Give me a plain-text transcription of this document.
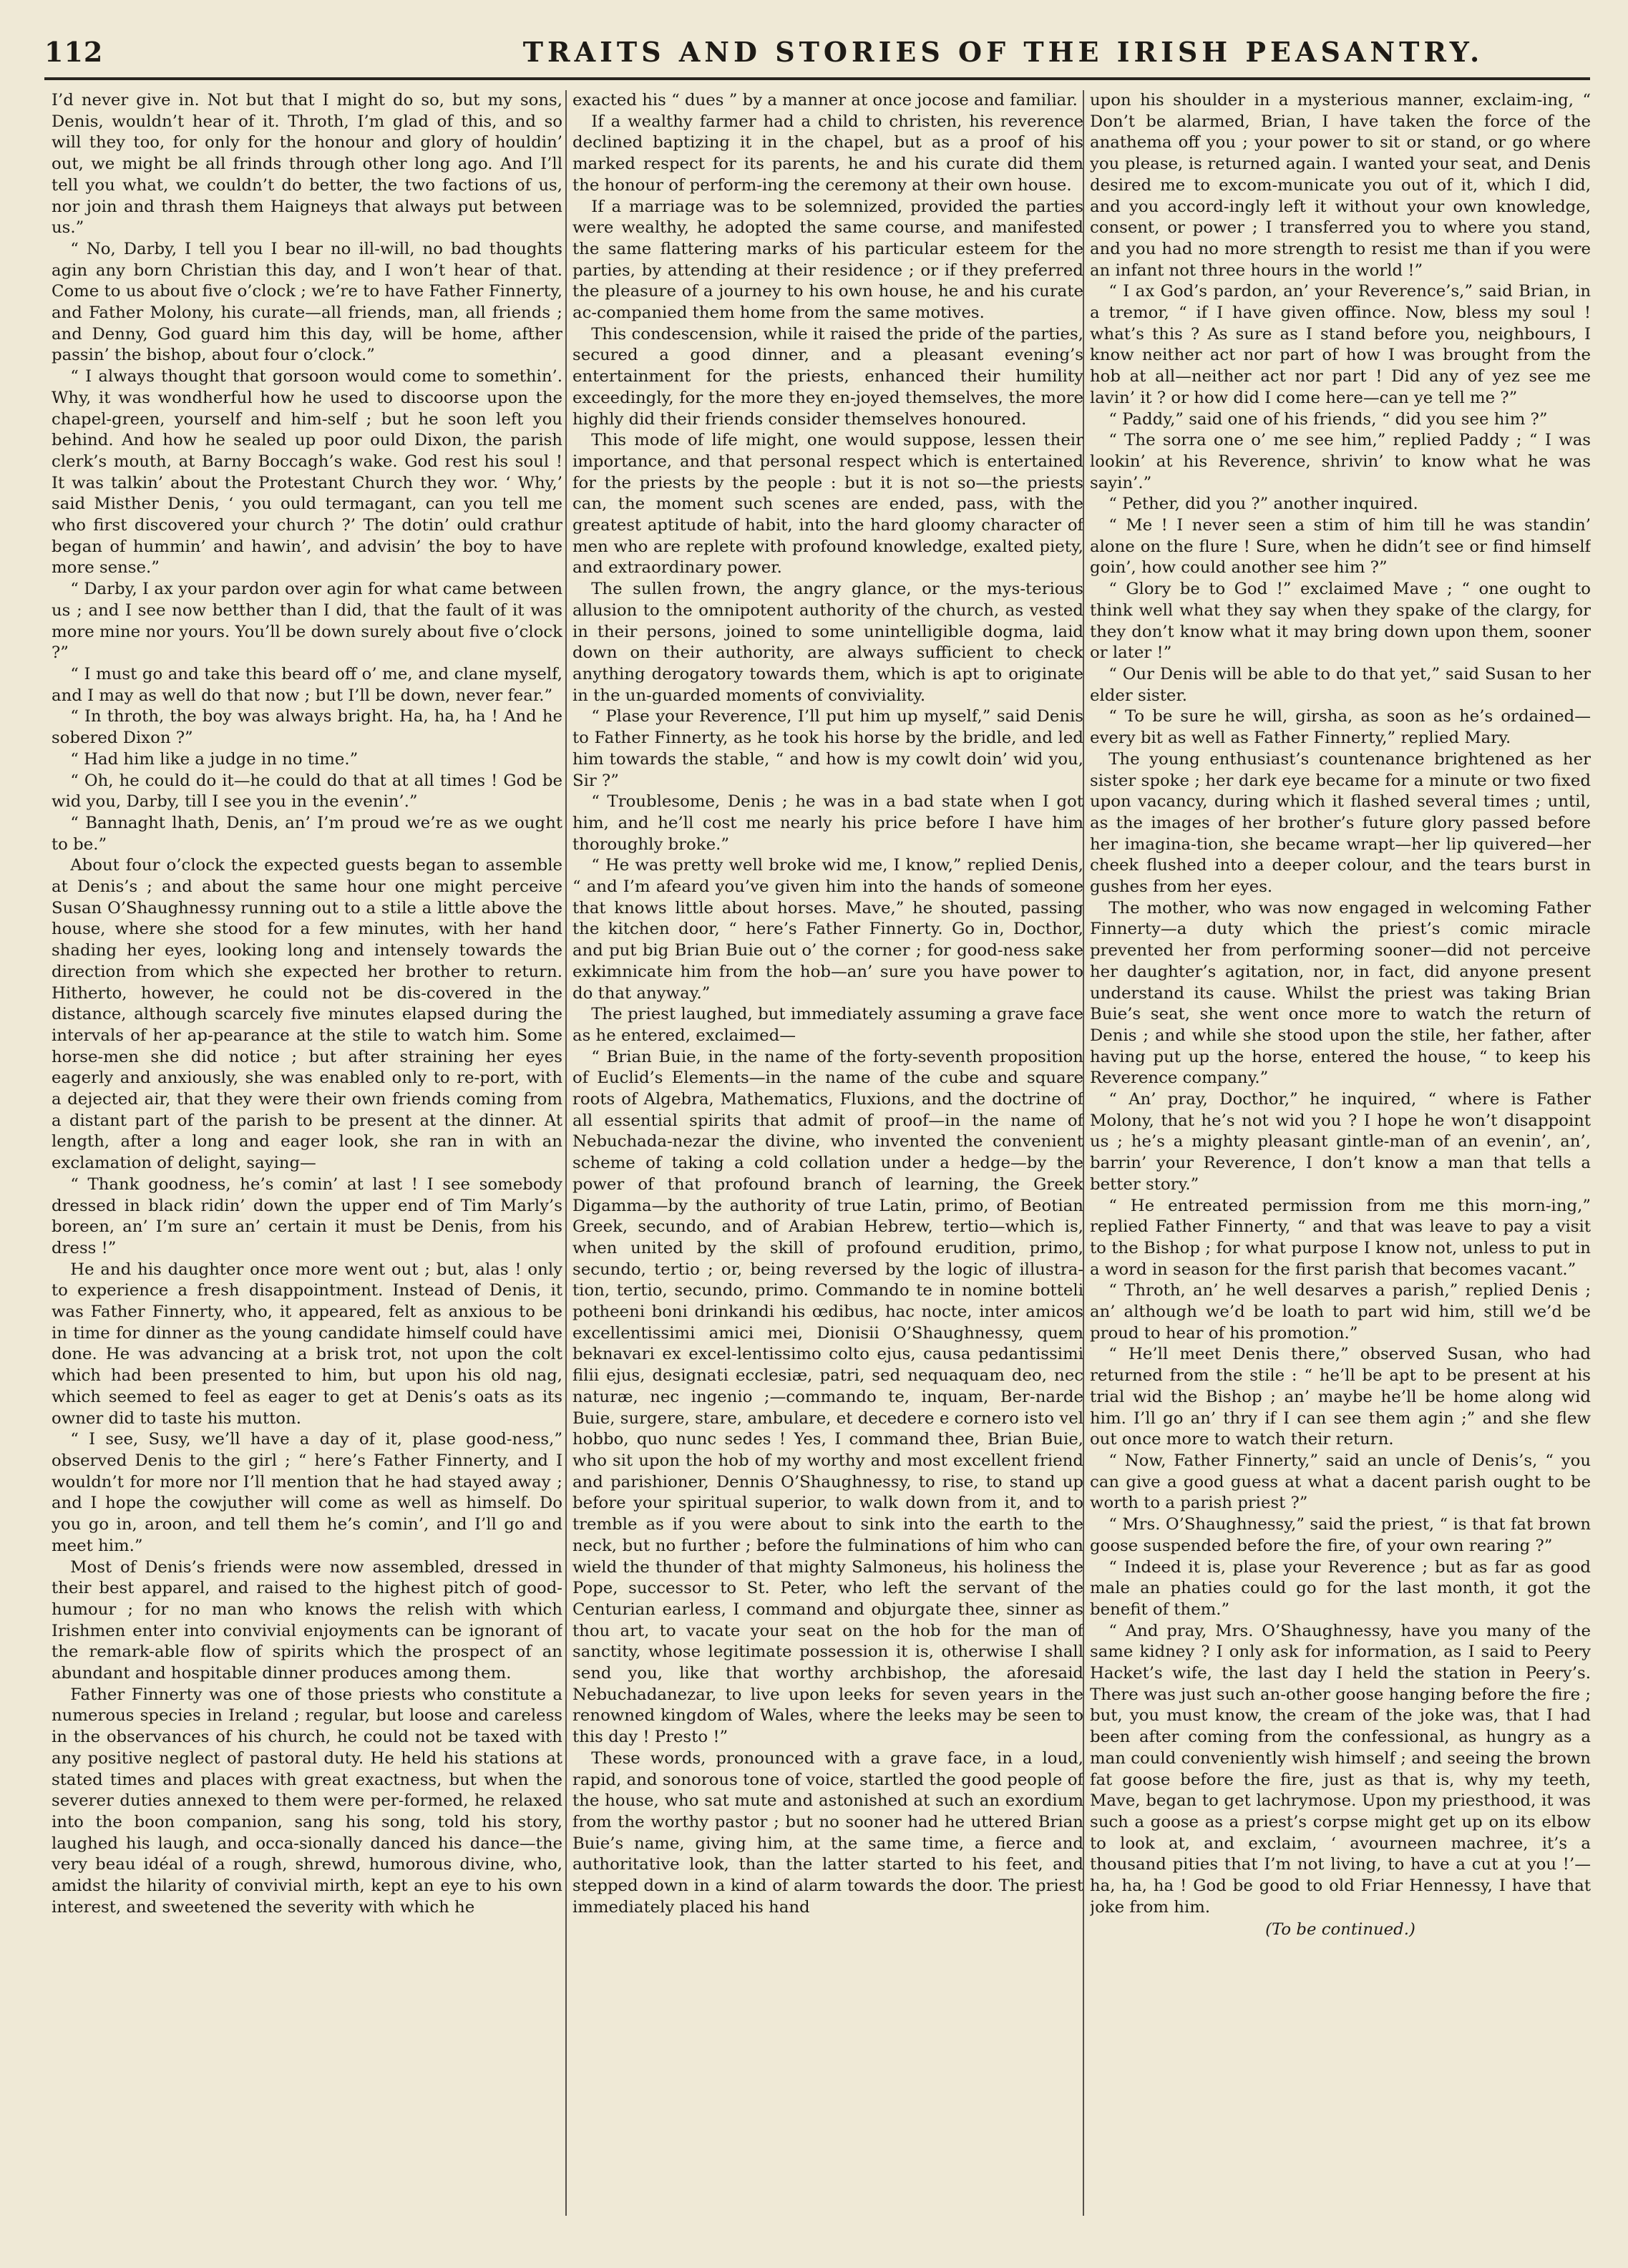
112	TRAITS AND STORIES OF THE IRISH PEASANTRY.

I’d never give in. Not but that I might do so, but my sons, Denis, wouldn’t hear of it. Throth, I’m glad of this, and so will they too, for only for the honour and glory of houldin’ out, we might be all frinds through other long ago. And I’ll tell you what, we couldn’t do better, the two factions of us, nor join and thrash them Haigneys that always put between us.”

“ No, Darby, I tell you I bear no ill-will, no bad thoughts agin any born Christian this day, and I won’t hear of that. Come to us about five o’clock ; we’re to have Father Finnerty, and Father Molony, his curate—all friends, man, all friends ; and Denny, God guard him this day, will be home, afther passin’ the bishop, about four o’clock.”

“ I always thought that gorsoon would come to somethin’. Why, it was wondherful how he used to discoorse upon the chapel-green, yourself and him-self ; but he soon left you behind. And how he sealed up poor ould Dixon, the parish clerk’s mouth, at Barny Boccagh’s wake. God rest his soul ! It was talkin’ about the Protestant Church they wor. ‘ Why,’ said Misther Denis, ‘ you ould termagant, can you tell me who first discovered your church ?’ The dotin’ ould crathur began of hummin’ and hawin’, and advisin’ the boy to have more sense.”

“ Darby, I ax your pardon over agin for what came between us ; and I see now betther than I did, that the fault of it was more mine nor yours. You’ll be down surely about five o’clock ?”

“ I must go and take this beard off o’ me, and clane myself, and I may as well do that now ; but I’ll be down, never fear.”

“ In throth, the boy was always bright. Ha, ha, ha ! And he sobered Dixon ?”

“ Had him like a judge in no time.”

“ Oh, he could do it—he could do that at all times ! God be wid you, Darby, till I see you in the evenin’.”

“ Bannaght lhath, Denis, an’ I’m proud we’re as we ought to be.”

About four o’clock the expected guests began to assemble at Denis’s ; and about the same hour one might perceive Susan O’Shaughnessy running out to a stile a little above the house, where she stood for a few minutes, with her hand shading her eyes, looking long and intensely towards the direction from which she expected her brother to return. Hitherto, however, he could not be dis-covered in the distance, although scarcely five minutes elapsed during the intervals of her ap-pearance at the stile to watch him. Some horse-men she did notice ; but after straining her eyes eagerly and anxiously, she was enabled only to re-port, with a dejected air, that they were their own friends coming from a distant part of the parish to be present at the dinner. At length, after a long and eager look, she ran in with an exclamation of delight, saying—

“ Thank goodness, he’s comin’ at last ! I see somebody dressed in black ridin’ down the upper end of Tim Marly’s boreen, an’ I’m sure an’ certain it must be Denis, from his dress !”

He and his daughter once more went out ; but, alas ! only to experience a fresh disappointment. Instead of Denis, it was Father Finnerty, who, it appeared, felt as anxious to be in time for dinner as the young candidate himself could have done. He was advancing at a brisk trot, not upon the colt which had been presented to him, but upon his old nag, which seemed to feel as eager to get at Denis’s oats as its owner did to taste his mutton.

“ I see, Susy, we’ll have a day of it, plase good-ness,” observed Denis to the girl ; “ here’s Father Finnerty, and I wouldn’t for more nor I’ll mention that he had stayed away ; and I hope the cowjuther will come as well as himself. Do you go in, aroon, and tell them he’s comin’, and I’ll go and meet him.”

Most of Denis’s friends were now assembled, dressed in their best apparel, and raised to the highest pitch of good-humour ; for no man who knows the relish with which Irishmen enter into convivial enjoyments can be ignorant of the remark-able flow of spirits which the prospect of an abundant and hospitable dinner produces among them.

Father Finnerty was one of those priests who constitute a numerous species in Ireland ; regular, but loose and careless in the observances of his church, he could not be taxed with any positive neglect of pastoral duty. He held his stations at stated times and places with great exactness, but when the severer duties annexed to them were per-formed, he relaxed into the boon companion, sang his song, told his story, laughed his laugh, and occa-sionally danced his dance—the very beau idéal of a rough, shrewd, humorous divine, who, amidst the hilarity of convivial mirth, kept an eye to his own interest, and sweetened the severity with which he

exacted his “ dues ” by a manner at once jocose and familiar.

If a wealthy farmer had a child to christen, his reverence declined baptizing it in the chapel, but as a proof of his marked respect for its parents, he and his curate did them the honour of perform-ing the ceremony at their own house.

If a marriage was to be solemnized, provided the parties were wealthy, he adopted the same course, and manifested the same flattering marks of his particular esteem for the parties, by attending at their residence ; or if they preferred the pleasure of a journey to his own house, he and his curate ac-companied them home from the same motives.

This condescension, while it raised the pride of the parties, secured a good dinner, and a pleasant evening’s entertainment for the priests, enhanced their humility exceedingly, for the more they en-joyed themselves, the more highly did their friends consider themselves honoured.

This mode of life might, one would suppose, lessen their importance, and that personal respect which is entertained for the priests by the people : but it is not so—the priests can, the moment such scenes are ended, pass, with the greatest aptitude of habit, into the hard gloomy character of men who are replete with profound knowledge, exalted piety, and extraordinary power.

The sullen frown, the angry glance, or the mys-terious allusion to the omnipotent authority of the church, as vested in their persons, joined to some unintelligible dogma, laid down on their authority, are always sufficient to check anything derogatory towards them, which is apt to originate in the un-guarded moments of conviviality.

“ Plase your Reverence, I’ll put him up myself,” said Denis to Father Finnerty, as he took his horse by the bridle, and led him towards the stable, “ and how is my cowlt doin’ wid you, Sir ?”

“ Troublesome, Denis ; he was in a bad state when I got him, and he’ll cost me nearly his price before I have him thoroughly broke.”

“ He was pretty well broke wid me, I know,” replied Denis, “ and I’m afeard you’ve given him into the hands of someone that knows little about horses. Mave,” he shouted, passing the kitchen door, “ here’s Father Finnerty. Go in, Docthor, and put big Brian Buie out o’ the corner ; for good-ness sake exkimnicate him from the hob—an’ sure you have power to do that anyway.”

The priest laughed, but immediately assuming a grave face as he entered, exclaimed—

“ Brian Buie, in the name of the forty-seventh proposition of Euclid’s Elements—in the name of the cube and square roots of Algebra, Mathematics, Fluxions, and the doctrine of all essential spirits that admit of proof—in the name of Nebuchada-nezar the divine, who invented the convenient scheme of taking a cold collation under a hedge—by the power of that profound branch of learning, the Greek Digamma—by the authority of true Latin, primo, of Beotian Greek, secundo, and of Arabian Hebrew, tertio—which is, when united by the skill of profound erudition, primo, secundo, tertio ; or, being reversed by the logic of illustra-tion, tertio, secundo, primo. Commando te in nomine botteli potheeni boni drinkandi his œdibus, hac nocte, inter amicos excellentissimi amici mei, Dionisii O’Shaughnessy, quem beknavari ex excel-lentissimo colto ejus, causa pedantissimi filii ejus, designati ecclesiæ, patri, sed nequaquam deo, nec naturæ, nec ingenio ;—commando te, inquam, Ber-narde Buie, surgere, stare, ambulare, et decedere e cornero isto vel hobbo, quo nunc sedes ! Yes, I command thee, Brian Buie, who sit upon the hob of my worthy and most excellent friend and parishioner, Dennis O’Shaughnessy, to rise, to stand up before your spiritual superior, to walk down from it, and to tremble as if you were about to sink into the earth to the neck, but no further ; before the fulminations of him who can wield the thunder of that mighty Salmoneus, his holiness the Pope, successor to St. Peter, who left the servant of the Centurian earless, I command and objurgate thee, sinner as thou art, to vacate your seat on the hob for the man of sanctity, whose legitimate possession it is, otherwise I shall send you, like that worthy archbishop, the aforesaid Nebuchadanezar, to live upon leeks for seven years in the renowned kingdom of Wales, where the leeks may be seen to this day ! Presto !”

These words, pronounced with a grave face, in a loud, rapid, and sonorous tone of voice, startled the good people of the house, who sat mute and astonished at such an exordium from the worthy pastor ; but no sooner had he uttered Brian Buie’s name, giving him, at the same time, a fierce and authoritative look, than the latter started to his feet, and stepped down in a kind of alarm towards the door. The priest immediately placed his hand

upon his shoulder in a mysterious manner, exclaim-ing, “ Don’t be alarmed, Brian, I have taken the force of the anathema off you ; your power to sit or stand, or go where you please, is returned again. I wanted your seat, and Denis desired me to excom-municate you out of it, which I did, and you accord-ingly left it without your own knowledge, consent, or power ; I transferred you to where you stand, and you had no more strength to resist me than if you were an infant not three hours in the world !”

“ I ax God’s pardon, an’ your Reverence’s,” said Brian, in a tremor, “ if I have given offince. Now, bless my soul ! what’s this ? As sure as I stand before you, neighbours, I know neither act nor part of how I was brought from the hob at all—neither act nor part ! Did any of yez see me lavin’ it ? or how did I come here—can ye tell me ?”

“ Paddy,” said one of his friends, “ did you see him ?”

“ The sorra one o’ me see him,” replied Paddy ; “ I was lookin’ at his Reverence, shrivin’ to know what he was sayin’.”

“ Pether, did you ?” another inquired.

“ Me ! I never seen a stim of him till he was standin’ alone on the flure ! Sure, when he didn’t see or find himself goin’, how could another see him ?”

“ Glory be to God !” exclaimed Mave ; “ one ought to think well what they say when they spake of the clargy, for they don’t know what it may bring down upon them, sooner or later !”

“ Our Denis will be able to do that yet,” said Susan to her elder sister.

“ To be sure he will, girsha, as soon as he’s ordained—every bit as well as Father Finnerty,” replied Mary.

The young enthusiast’s countenance brightened as her sister spoke ; her dark eye became for a minute or two fixed upon vacancy, during which it flashed several times ; until, as the images of her brother’s future glory passed before her imagina-tion, she became wrapt—her lip quivered—her cheek flushed into a deeper colour, and the tears burst in gushes from her eyes.

The mother, who was now engaged in welcoming Father Finnerty—a duty which the priest’s comic miracle prevented her from performing sooner—did not perceive her daughter’s agitation, nor, in fact, did anyone present understand its cause. Whilst the priest was taking Brian Buie’s seat, she went once more to watch the return of Denis ; and while she stood upon the stile, her father, after having put up the horse, entered the house, “ to keep his Reverence company.”

“ An’ pray, Docthor,” he inquired, “ where is Father Molony, that he’s not wid you ? I hope he won’t disappoint us ; he’s a mighty pleasant gintle-man of an evenin’, an’, barrin’ your Reverence, I don’t know a man that tells a better story.”

“ He entreated permission from me this morn-ing,” replied Father Finnerty, “ and that was leave to pay a visit to the Bishop ; for what purpose I know not, unless to put in a word in season for the first parish that becomes vacant.”

“ Throth, an’ he well desarves a parish,” replied Denis ; an’ although we’d be loath to part wid him, still we’d be proud to hear of his promotion.”

“ He’ll meet Denis there,” observed Susan, who had returned from the stile : “ he’ll be apt to be present at his trial wid the Bishop ; an’ maybe he’ll be home along wid him. I’ll go an’ thry if I can see them agin ;” and she flew out once more to watch their return.

“ Now, Father Finnerty,” said an uncle of Denis’s, “ you can give a good guess at what a dacent parish ought to be worth to a parish priest ?”

“ Mrs. O’Shaughnessy,” said the priest, “ is that fat brown goose suspended before the fire, of your own rearing ?”

“ Indeed it is, plase your Reverence ; but as far as good male an phaties could go for the last month, it got the benefit of them.”

“ And pray, Mrs. O’Shaughnessy, have you many of the same kidney ? I only ask for information, as I said to Peery Hacket’s wife, the last day I held the station in Peery’s. There was just such an-other goose hanging before the fire ; but, you must know, the cream of the joke was, that I had been after coming from the confessional, as hungry as a man could conveniently wish himself ; and seeing the brown fat goose before the fire, just as that is, why my teeth, Mave, began to get lachrymose. Upon my priesthood, it was such a goose as a priest’s corpse might get up on its elbow to look at, and exclaim, ‘ avourneen machree, it’s a thousand pities that I’m not living, to have a cut at you !’—ha, ha, ha ! God be good to old Friar Hennessy, I have that joke from him.

(To be continued.)
